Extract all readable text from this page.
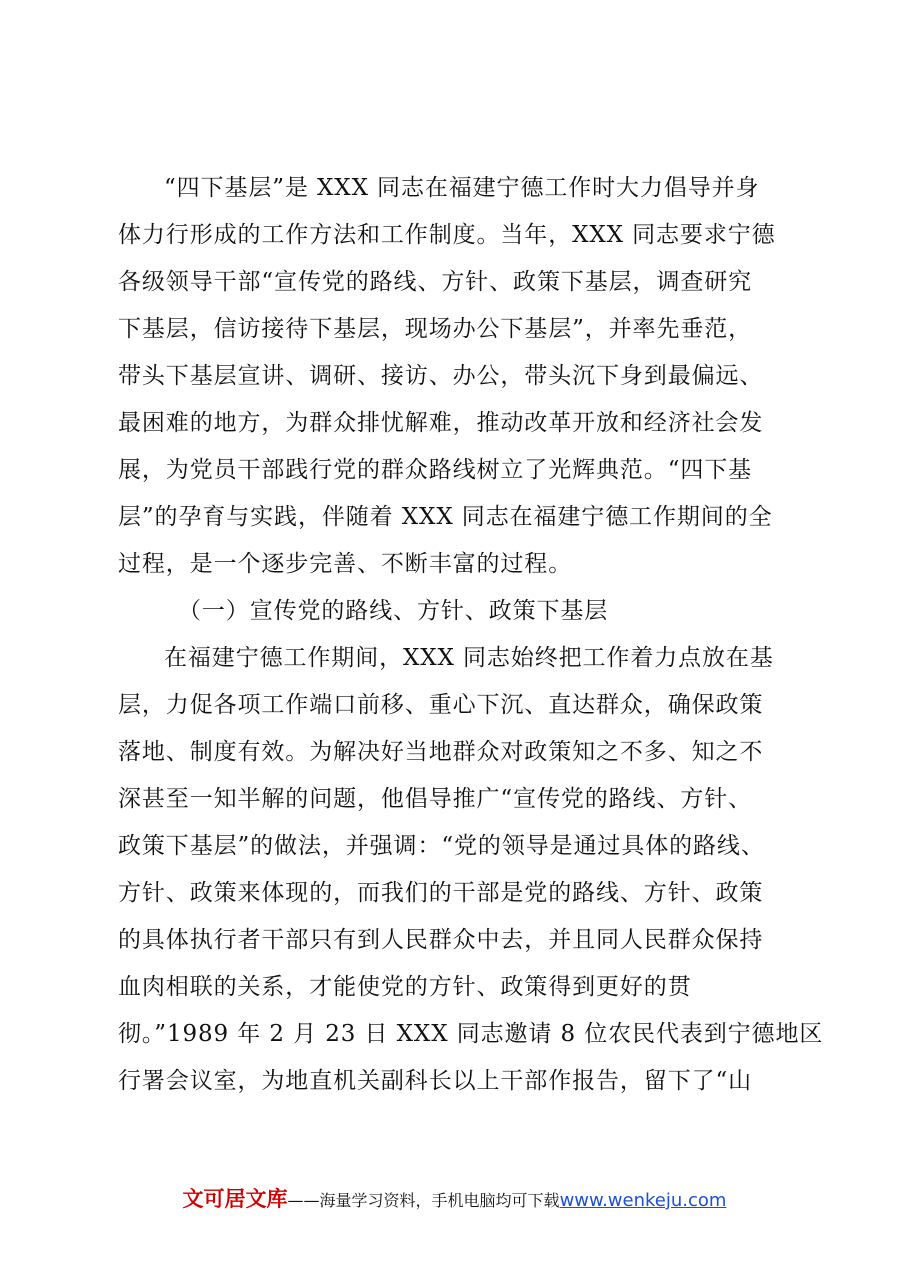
“四下基层”是 XXX 同志在福建宁德工作时大力倡导并身
体力行形成的工作方法和工作制度。当年，XXX 同志要求宁德
各级领导干部“宣传党的路线、方针、政策下基层，调查研究
下基层，信访接待下基层，现场办公下基层”，并率先垂范，
带头下基层宣讲、调研、接访、办公，带头沉下身到最偏远、
最困难的地方，为群众排忧解难，推动改革开放和经济社会发
展，为党员干部践行党的群众路线树立了光辉典范。“四下基
层”的孕育与实践，伴随着 XXX 同志在福建宁德工作期间的全
过程，是一个逐步完善、不断丰富的过程。
（一）宣传党的路线、方针、政策下基层
在福建宁德工作期间，XXX 同志始终把工作着力点放在基
层，力促各项工作端口前移、重心下沉、直达群众，确保政策
落地、制度有效。为解决好当地群众对政策知之不多、知之不
深甚至一知半解的问题，他倡导推广“宣传党的路线、方针、
政策下基层”的做法，并强调：“党的领导是通过具体的路线、
方针、政策来体现的，而我们的干部是党的路线、方针、政策
的具体执行者干部只有到人民群众中去，并且同人民群众保持
血肉相联的关系，才能使党的方针、政策得到更好的贯
彻。”1989 年 2 月 23 日 XXX 同志邀请 8 位农民代表到宁德地区
行署会议室，为地直机关副科长以上干部作报告，留下了“山
文可居文库——海量学习资料，手机电脑均可下载www.wenkeju.com
